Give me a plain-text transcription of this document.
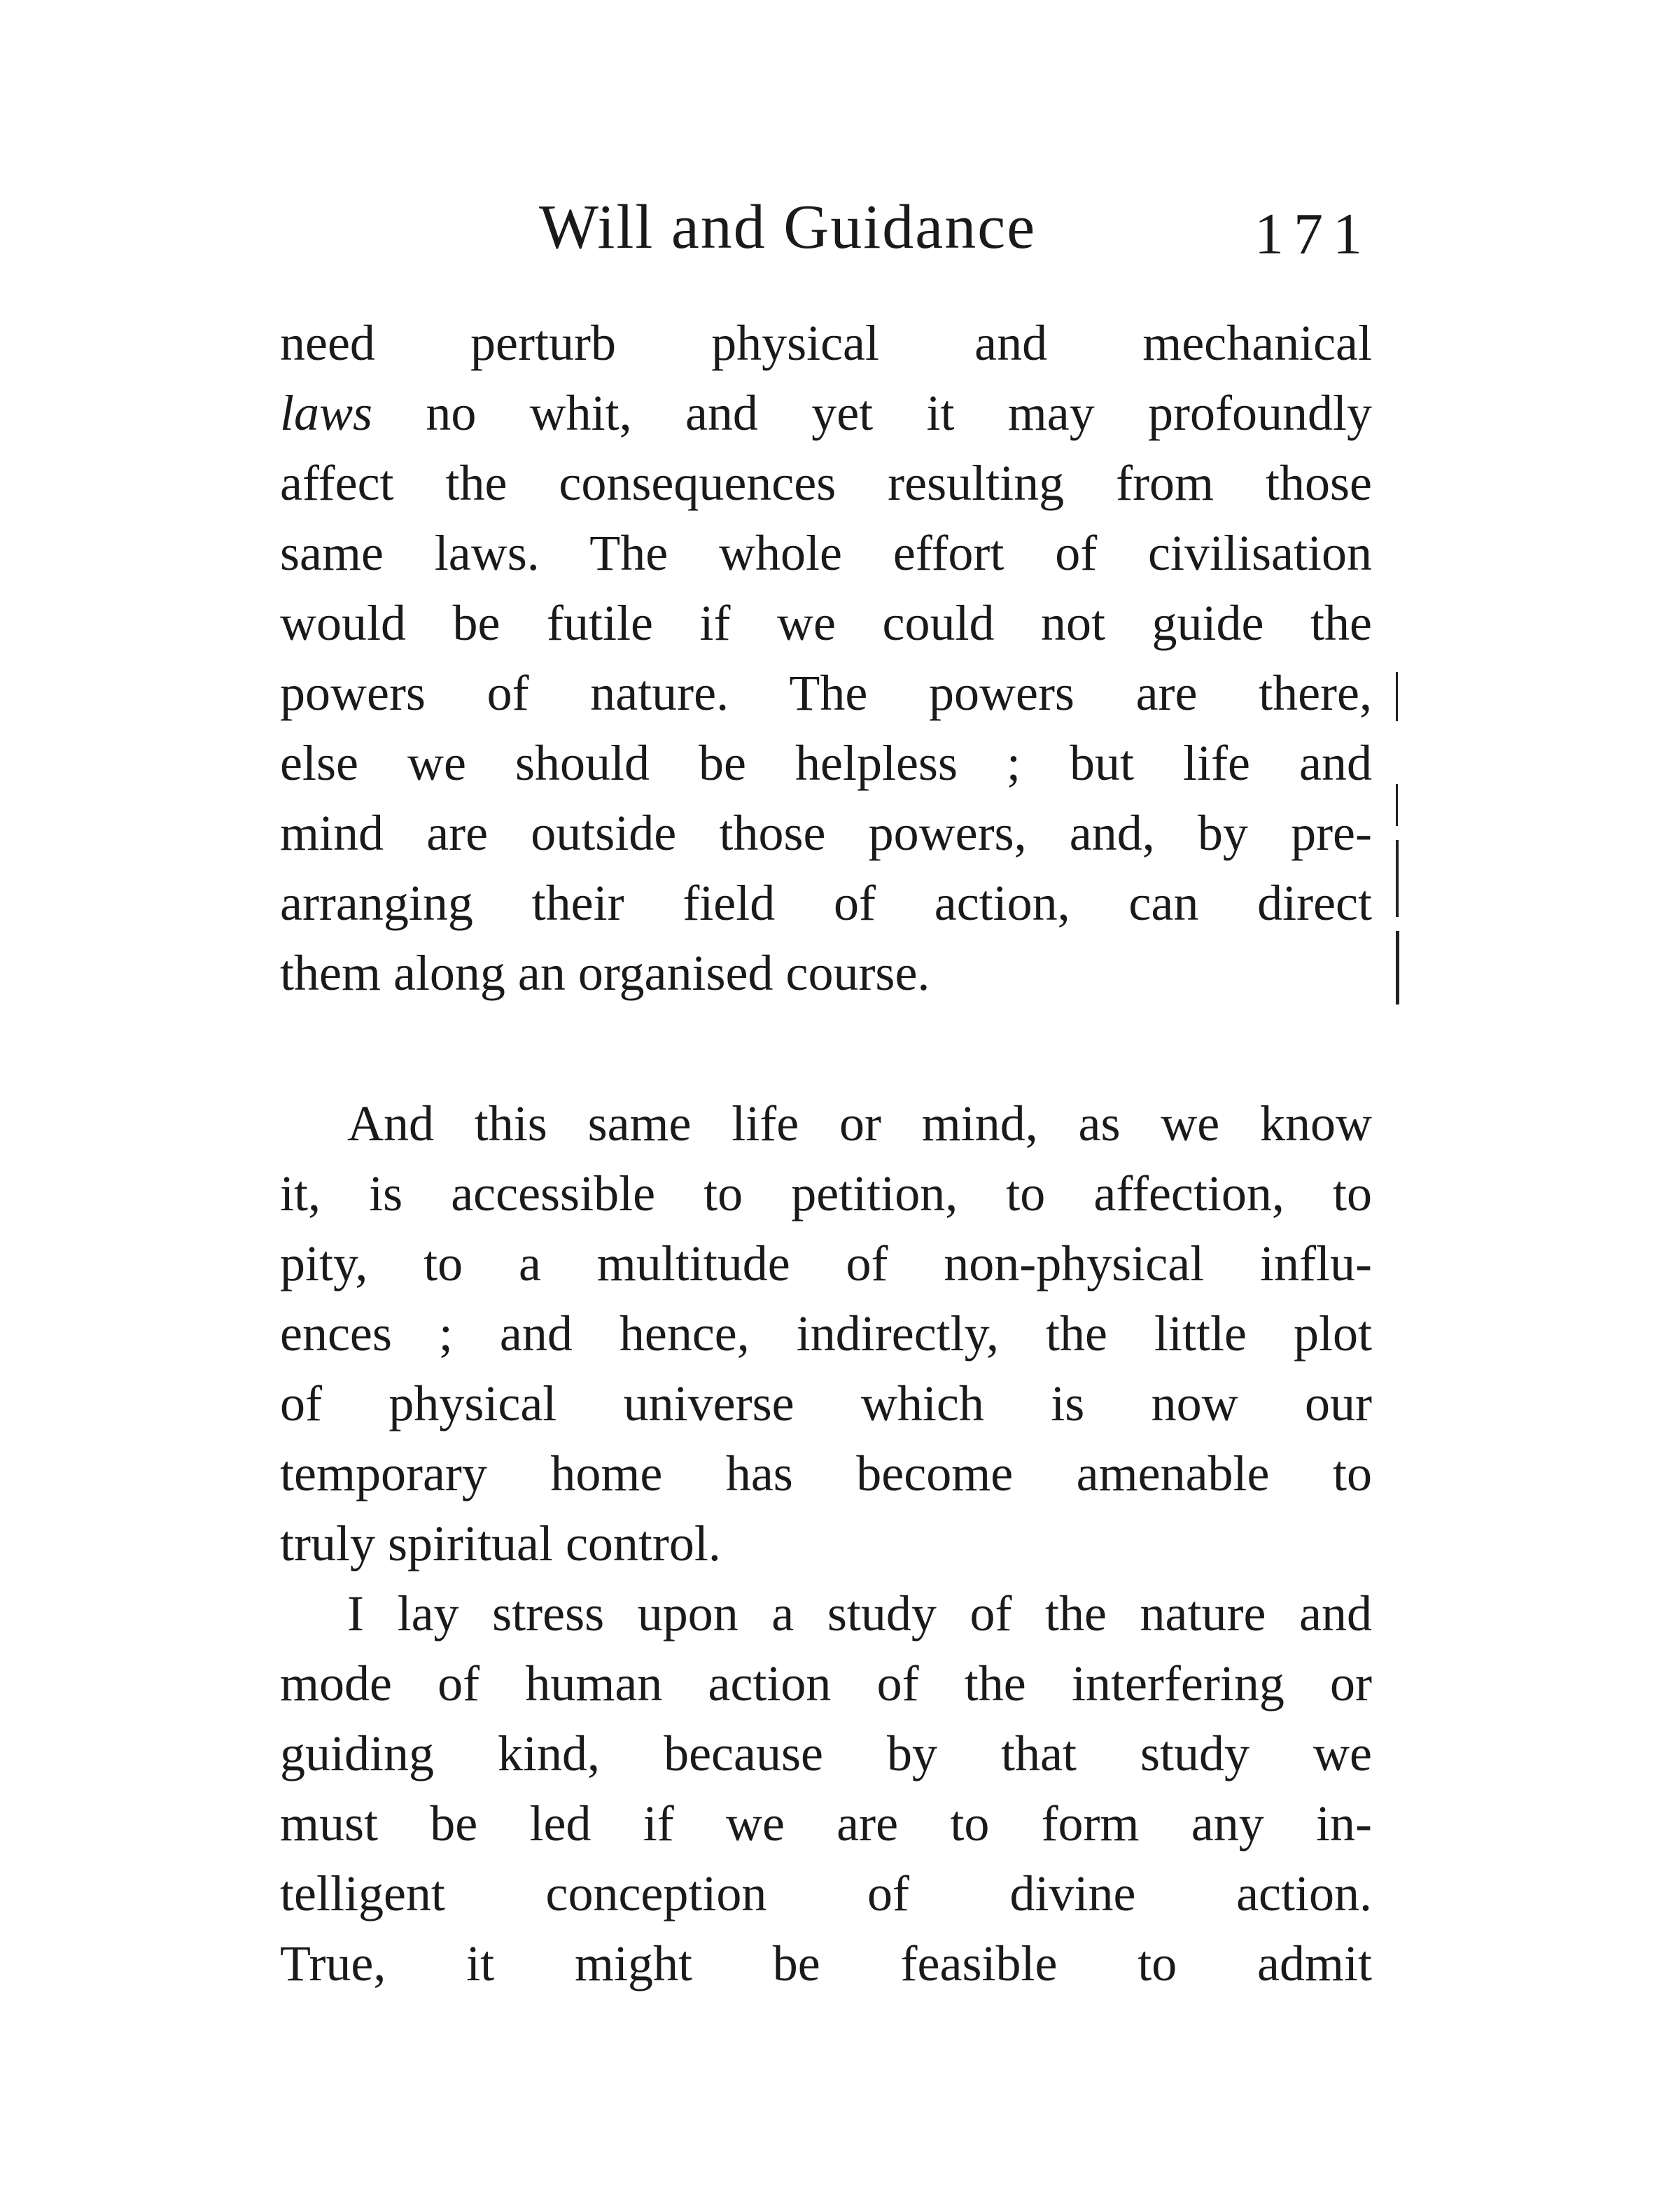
Will and Guidance	171
need perturb physical and mechanical
laws no whit, and yet it may profoundly
affect the consequences resulting from those
same laws. The whole effort of civilisation
would be futile if we could not guide the
powers of nature. The powers are there,
else we should be helpless ; but life and
mind are outside those powers, and, by pre-
arranging their field of action, can direct
them along an organised course.
And this same life or mind, as we know
it, is accessible to petition, to affection, to
pity, to a multitude of non-physical influ-
ences ; and hence, indirectly, the little plot
of physical universe which is now our
temporary home has become amenable to
truly spiritual control.
I lay stress upon a study of the nature and
mode of human action of the interfering or
guiding kind, because by that study we
must be led if we are to form any in-
telligent conception of divine action.
True, it might be feasible to admit
